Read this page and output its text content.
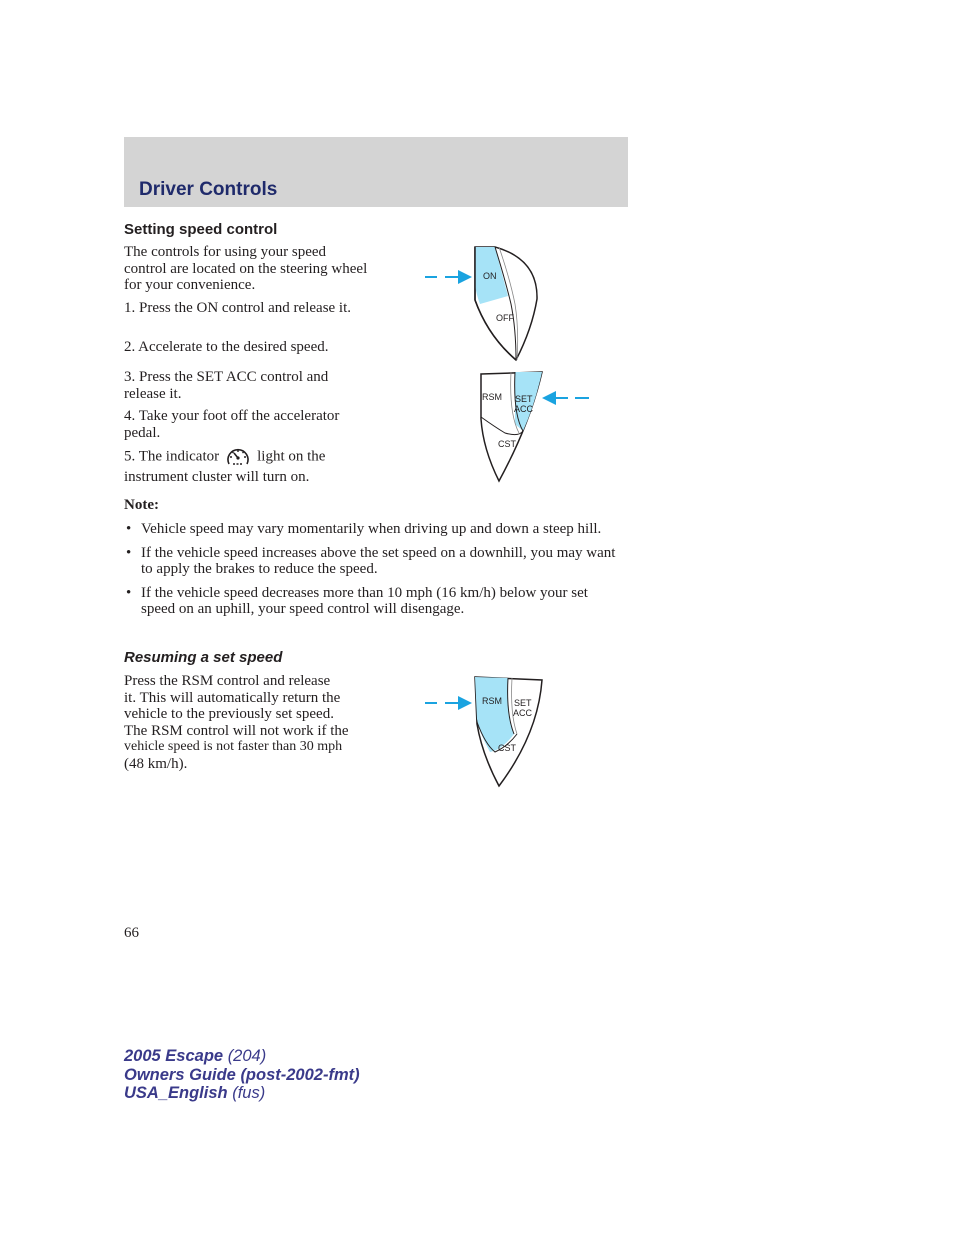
Driver Controls
Setting speed control

The controls for using your speed control are located on the steering wheel for your convenience.

1. Press the ON control and release it.

2. Accelerate to the desired speed.

3. Press the SET ACC control and release it.

4. Take your foot off the accelerator pedal.

5. The indicator	light on the
instrument cluster will turn on.

ON
OFF
RSM SET
ACC
CST
Note:
• Vehicle speed may vary momentarily when driving up and down a steep hill.
• If the vehicle speed increases above the set speed on a downhill, you may want to apply the brakes to reduce the speed.
• If the vehicle speed decreases more than 10 mph (16 km/h) below your set speed on an uphill, your speed control will disengage.
Resuming a set speed
Press the RSM control and release
it. This will automatically return the
vehicle to the previously set speed.
The RSM control will not work if the
vehicle speed is not faster than 30 mph
(48 km/h).
RSM SET
ACC
CST
66
2005 Escape (204)
Owners Guide (post-2002-fmt)
USA_English (fus)
